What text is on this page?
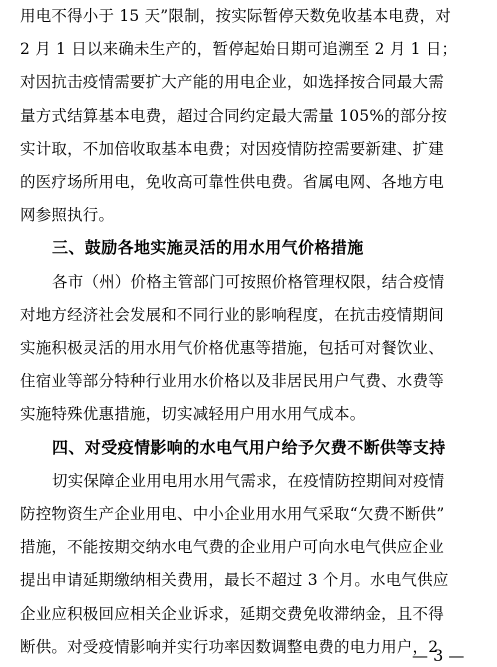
用电不得小于 15 天”限制，按实际暂停天数免收基本电费，对
2 月 1 日以来确未生产的，暂停起始日期可追溯至 2 月 1 日；
对因抗击疫情需要扩大产能的用电企业，如选择按合同最大需
量方式结算基本电费，超过合同约定最大需量 105%的部分按
实计取，不加倍收取基本电费；对因疫情防控需要新建、扩建
的医疗场所用电，免收高可靠性供电费。省属电网、各地方电
网参照执行。
三、鼓励各地实施灵活的用水用气价格措施
各市（州）价格主管部门可按照价格管理权限，结合疫情
对地方经济社会发展和不同行业的影响程度，在抗击疫情期间
实施积极灵活的用水用气价格优惠等措施，包括可对餐饮业、
住宿业等部分特种行业用水价格以及非居民用户气费、水费等
实施特殊优惠措施，切实减轻用户用水用气成本。
四、对受疫情影响的水电气用户给予欠费不断供等支持
切实保障企业用电用水用气需求，在疫情防控期间对疫情
防控物资生产企业用电、中小企业用水用气采取“欠费不断供”
措施，不能按期交纳水电气费的企业用户可向水电气供应企业
提出申请延期缴纳相关费用，最长不超过 3 个月。水电气供应
企业应积极回应相关企业诉求，延期交费免收滞纳金，且不得
断供。对受疫情影响并实行功率因数调整电费的电力用户，2
— 3 —
